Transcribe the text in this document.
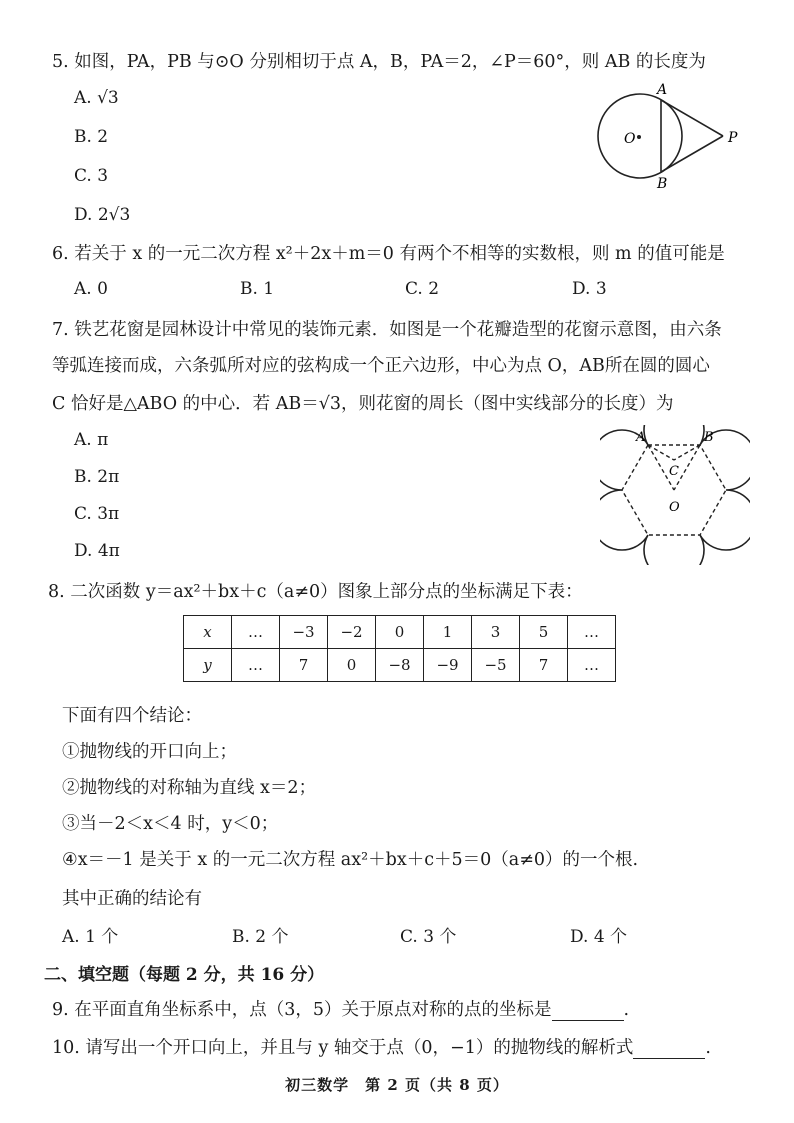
5. 如图，PA，PB 与⊙O 分别相切于点 A，B，PA＝2，∠P＝60°，则 AB 的长度为
A. √3
B. 2
C. 3
D. 2√3
O
A
B
P
6. 若关于 x 的一元二次方程 x²＋2x＋m＝0 有两个不相等的实数根，则 m 的值可能是
A. 0	B. 1	C. 2	D. 3
7. 铁艺花窗是园林设计中常见的装饰元素．如图是一个花瓣造型的花窗示意图，由六条
等弧连接而成，六条弧所对应的弦构成一个正六边形，中心为点 O，AB所在圆的圆心
C 恰好是△ABO 的中心．若 AB＝√3，则花窗的周长（图中实线部分的长度）为
A. π
B. 2π
C. 3π
D. 4π
A	B
C
O
8. 二次函数 y＝ax²＋bx＋c（a≠0）图象上部分点的坐标满足下表：
x	…	−3	−2	0	1	3	5	…
y	…	7	0	−8	−9	−5	7	…
下面有四个结论：
①抛物线的开口向上；
②抛物线的对称轴为直线 x＝2；
③当－2＜x＜4 时，y＜0；
④x＝－1 是关于 x 的一元二次方程 ax²＋bx＋c＋5＝0（a≠0）的一个根.
其中正确的结论有
A. 1 个	B. 2 个	C. 3 个	D. 4 个
二、填空题（每题 2 分，共 16 分）
9. 在平面直角坐标系中，点（3，5）关于原点对称的点的坐标是	.
10. 请写出一个开口向上，并且与 y 轴交于点（0，−1）的抛物线的解析式	.
初三数学　第 2 页（共 8 页）
